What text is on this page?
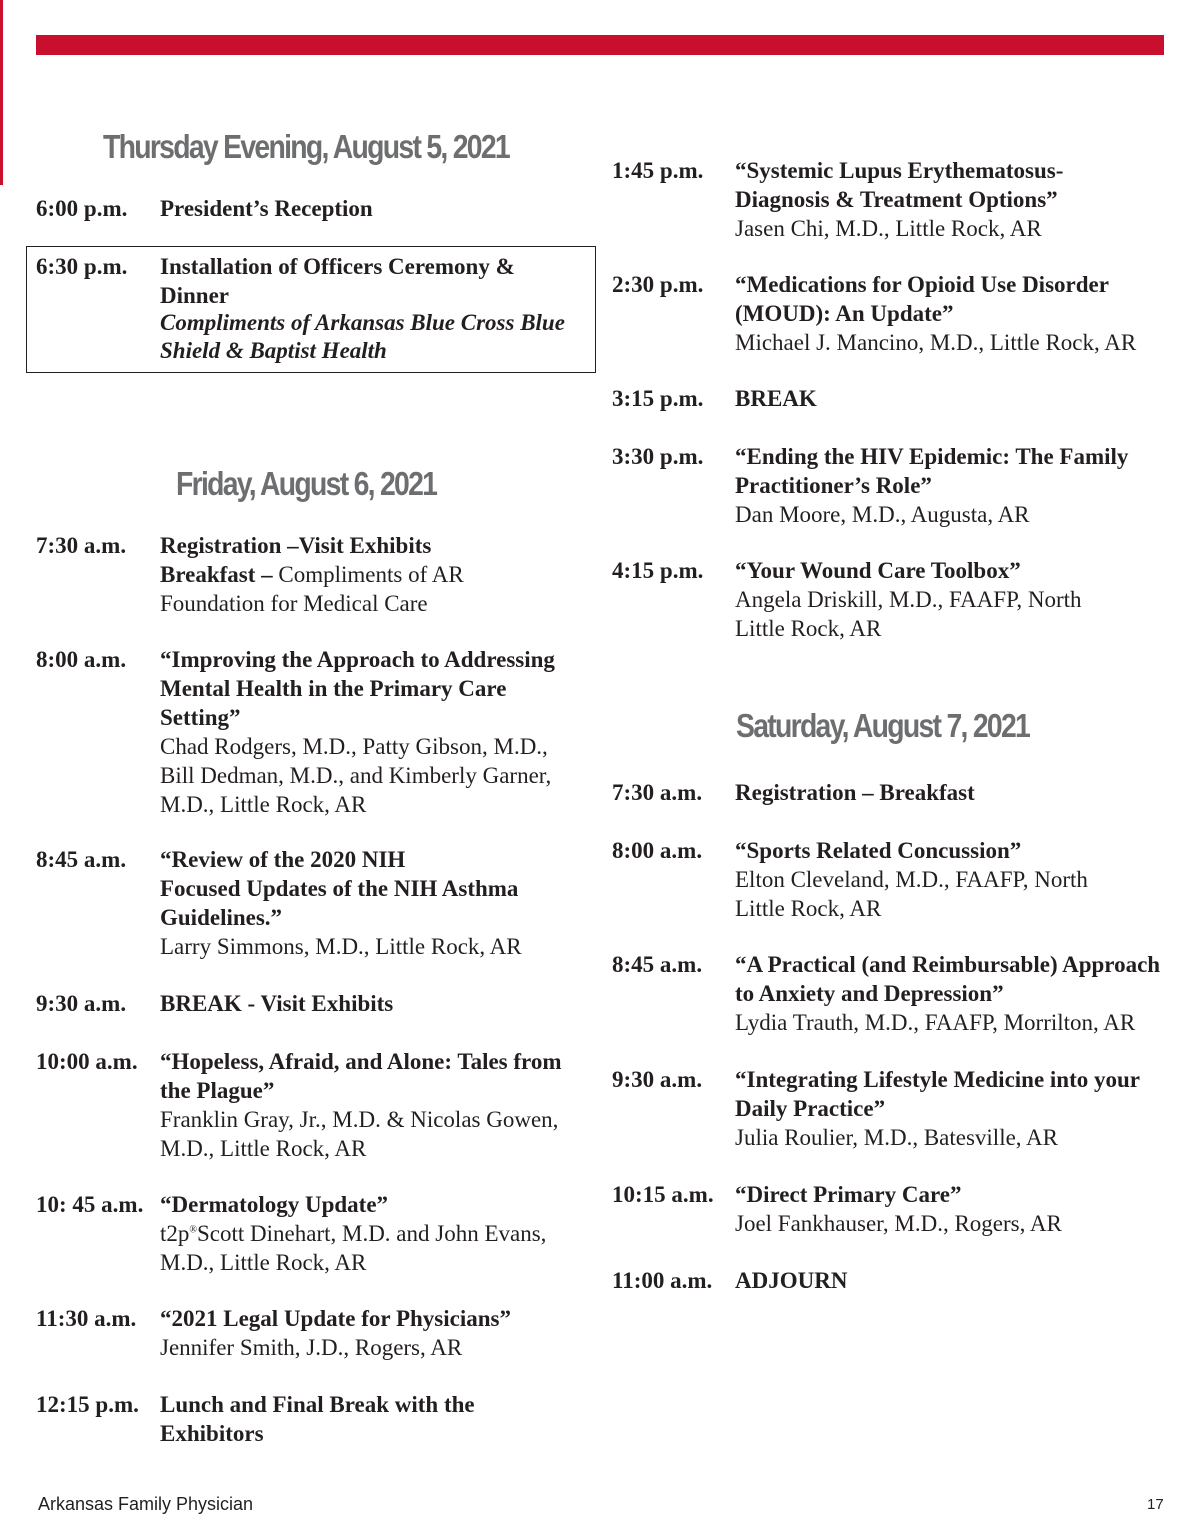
Thursday Evening, August 5, 2021
6:00 p.m. President’s Reception
6:30 p.m. Installation of Officers Ceremony &
Dinner
Compliments of Arkansas Blue Cross Blue
Shield & Baptist Health
Friday, August 6, 2021
7:30 a.m. Registration –Visit Exhibits
Breakfast – Compliments of AR
Foundation for Medical Care
8:00 a.m. “Improving the Approach to Addressing
Mental Health in the Primary Care
Setting”
Chad Rodgers, M.D., Patty Gibson, M.D.,
Bill Dedman, M.D., and Kimberly Garner,
M.D., Little Rock, AR
8:45 a.m. “Review of the 2020 NIH
Focused Updates of the NIH Asthma
Guidelines.”
Larry Simmons, M.D., Little Rock, AR
9:30 a.m. BREAK - Visit Exhibits
10:00 a.m. “Hopeless, Afraid, and Alone: Tales from
the Plague”
Franklin Gray, Jr., M.D. & Nicolas Gowen,
M.D., Little Rock, AR
10: 45 a.m. “Dermatology Update”
t2p®Scott Dinehart, M.D. and John Evans,
M.D., Little Rock, AR
11:30 a.m. “2021 Legal Update for Physicians”
Jennifer Smith, J.D., Rogers, AR
12:15 p.m. Lunch and Final Break with the
Exhibitors
1:45 p.m. “Systemic Lupus Erythematosus-
Diagnosis & Treatment Options”
Jasen Chi, M.D., Little Rock, AR
2:30 p.m. “Medications for Opioid Use Disorder
(MOUD): An Update”
Michael J. Mancino, M.D., Little Rock, AR
3:15 p.m. BREAK
3:30 p.m. “Ending the HIV Epidemic: The Family
Practitioner’s Role”
Dan Moore, M.D., Augusta, AR
4:15 p.m. “Your Wound Care Toolbox”
Angela Driskill, M.D., FAAFP, North
Little Rock, AR
Saturday, August 7, 2021
7:30 a.m. Registration – Breakfast
8:00 a.m. “Sports Related Concussion”
Elton Cleveland, M.D., FAAFP, North
Little Rock, AR
8:45 a.m. “A Practical (and Reimbursable) Approach
to Anxiety and Depression”
Lydia Trauth, M.D., FAAFP, Morrilton, AR
9:30 a.m. “Integrating Lifestyle Medicine into your
Daily Practice”
Julia Roulier, M.D., Batesville, AR
10:15 a.m. “Direct Primary Care”
Joel Fankhauser, M.D., Rogers, AR
11:00 a.m. ADJOURN
Arkansas Family Physician	17
